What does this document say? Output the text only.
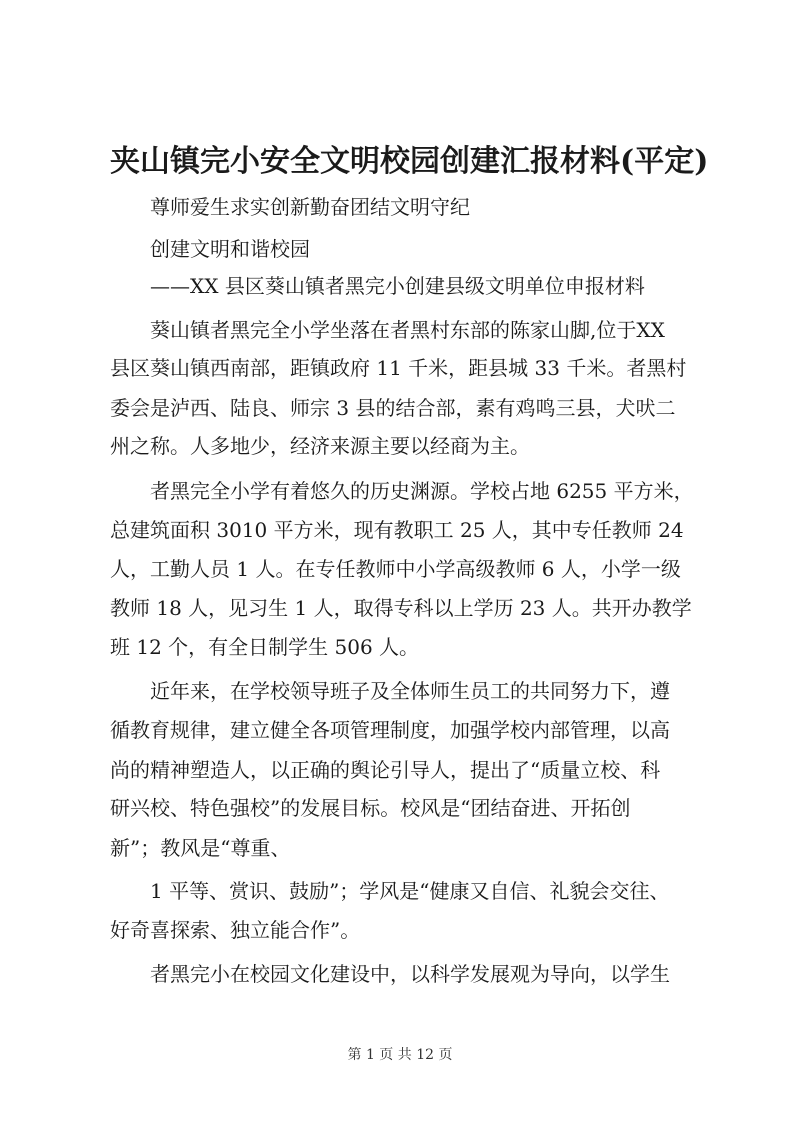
夹山镇完小安全文明校园创建汇报材料(平定)

尊师爱生求实创新勤奋团结文明守纪

创建文明和谐校园

——XX 县区葵山镇者黑完小创建县级文明单位申报材料

葵山镇者黑完全小学坐落在者黑村东部的陈家山脚,位于XX

县区葵山镇西南部，距镇政府 11 千米，距县城 33 千米。者黑村

委会是泸西、陆良、师宗 3 县的结合部，素有鸡鸣三县，犬吠二

州之称。人多地少，经济来源主要以经商为主。

者黑完全小学有着悠久的历史渊源。学校占地 6255 平方米，

总建筑面积 3010 平方米，现有教职工 25 人，其中专任教师 24

人，工勤人员 1 人。在专任教师中小学高级教师 6 人，小学一级

教师 18 人，见习生 1 人，取得专科以上学历 23 人。共开办教学

班 12 个，有全日制学生 506 人。

近年来，在学校领导班子及全体师生员工的共同努力下，遵

循教育规律，建立健全各项管理制度，加强学校内部管理，以高

尚的精神塑造人，以正确的舆论引导人，提出了“质量立校、科

研兴校、特色强校”的发展目标。校风是“团结奋进、开拓创

新”；教风是“尊重、

1 平等、赏识、鼓励”；学风是“健康又自信、礼貌会交往、

好奇喜探索、独立能合作”。

者黑完小在校园文化建设中，以科学发展观为导向，以学生

第 1 页 共 12 页
